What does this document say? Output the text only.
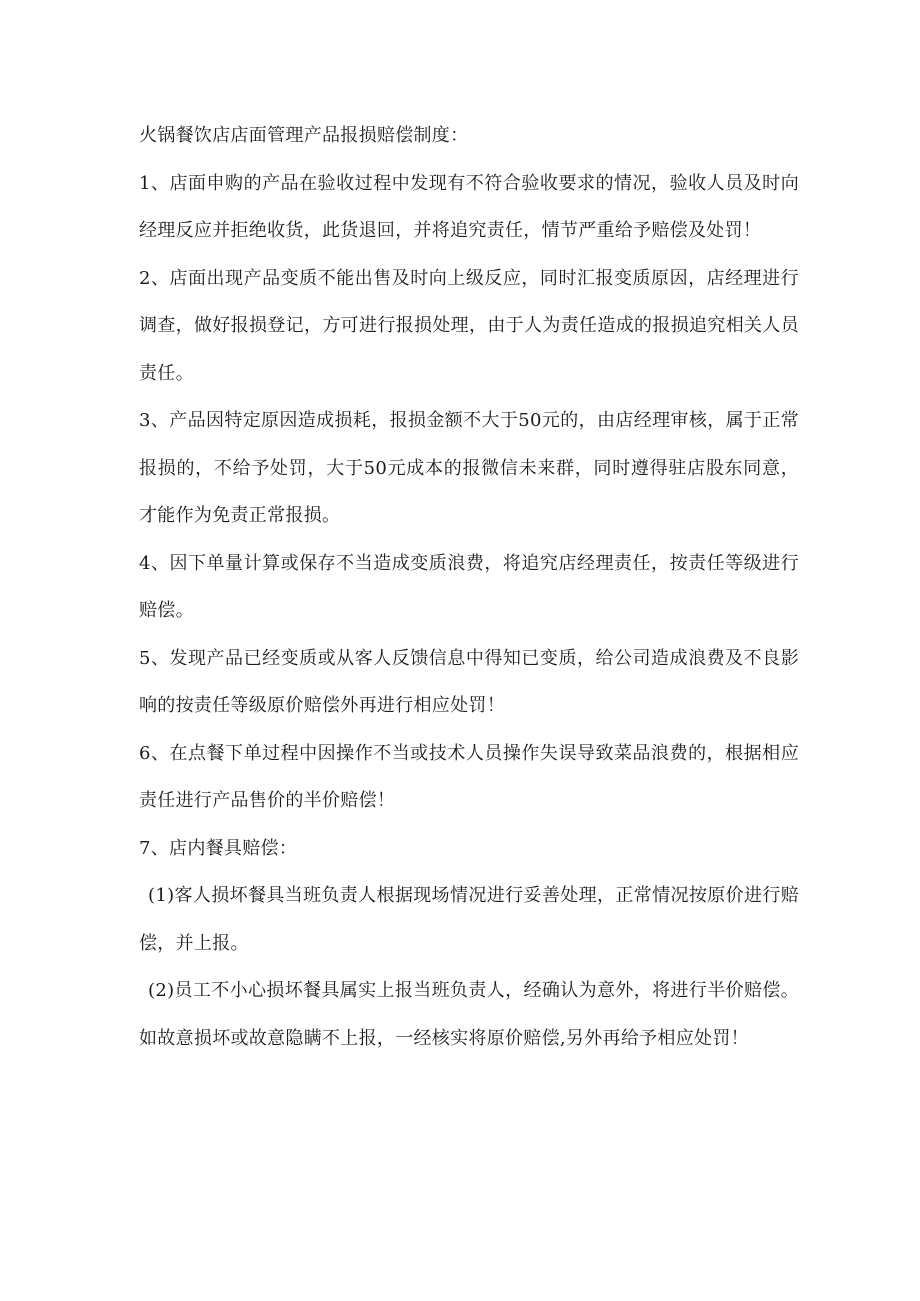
火锅餐饮店店面管理产品报损赔偿制度：

1、店面申购的产品在验收过程中发现有不符合验收要求的情况，验收人员及时向经理反应并拒绝收货，此货退回，并将追究责任，情节严重给予赔偿及处罚！

2、店面出现产品变质不能出售及时向上级反应，同时汇报变质原因，店经理进行调查，做好报损登记，方可进行报损处理，由于人为责任造成的报损追究相关人员责任。

3、产品因特定原因造成损耗，报损金额不大于50元的，由店经理审核，属于正常报损的，不给予处罚，大于50元成本的报微信未来群，同时遵得驻店股东同意，才能作为免责正常报损。

4、因下单量计算或保存不当造成变质浪费，将追究店经理责任，按责任等级进行赔偿。

5、发现产品已经变质或从客人反馈信息中得知已变质，给公司造成浪费及不良影响的按责任等级原价赔偿外再进行相应处罚！

6、在点餐下单过程中因操作不当或技术人员操作失误导致菜品浪费的，根据相应责任进行产品售价的半价赔偿！

7、店内餐具赔偿：

(1)客人损坏餐具当班负责人根据现场情况进行妥善处理，正常情况按原价进行赔偿，并上报。

(2)员工不小心损坏餐具属实上报当班负责人，经确认为意外，将进行半价赔偿。如故意损坏或故意隐瞒不上报，一经核实将原价赔偿,另外再给予相应处罚！
